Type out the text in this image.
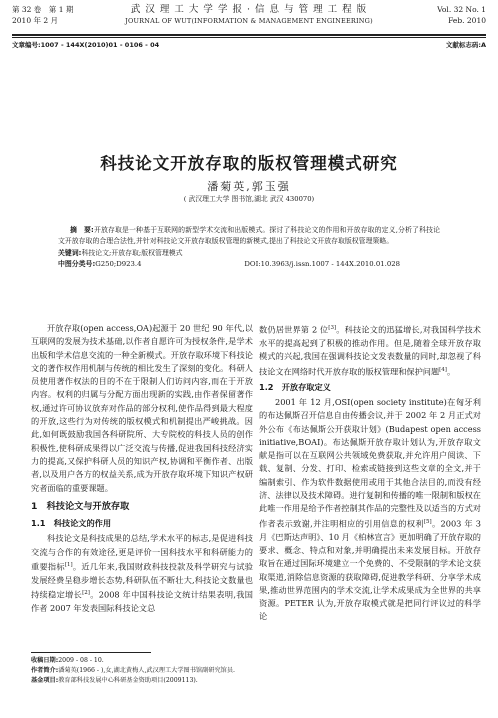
第 32 卷　第 1 期
2010 年 2 月
武 汉 理 工 大 学 学 报 · 信 息 与 管 理 工 程 版
JOURNAL OF WUT(INFORMATION & MANAGEMENT ENGINEERING)
Vol. 32 No. 1
Feb. 2010
文章编号:1007 - 144X(2010)01 - 0106 - 04	文献标志码:A
科技论文开放存取的版权管理模式研究
潘菊英,郭玉强
( 武汉理工大学 图书馆,湖北 武汉 430070)
摘　要:开放存取是一种基于互联网的新型学术交流和出版模式。探讨了科技论文的作用和开放存取的定义,分析了科技论文开放存取的合理合法性,并针对科技论文开放存取版权管理的新模式,提出了科技论文开放存取版权管理策略。
关键词:科技论文;开放存取;版权管理模式
中图分类号:G250;D923.4	DOI:10.3963/j.issn.1007 - 144X.2010.01.028

开放存取(open access,OA)起源于 20 世纪 90 年代,以互联网的发展为技术基础,以作者自愿许可为授权条件,是学术出版和学术信息交流的一种全新模式。开放存取环境下科技论文的著作权作用机制与传统的相比发生了深刻的变化。科研人员使用著作权法的目的不在于限制人们访问内容,而在于开放内容。权利的归属与分配方面出现新的实践,由作者保留著作权,通过许可协议放弃对作品的部分权利,使作品得到最大程度的开放,这些行为对传统的版权模式和机制提出严峻挑战。因此,如何既鼓励我国各科研院所、大专院校的科技人员的创作积极性,使科研成果得以广泛交流与传播,促进我国科技经济实力的提高,又保护科研人员的知识产权,协调和平衡作者、出版者,以及用户各方的权益关系,成为开放存取环境下知识产权研究者面临的重要课题。

1　科技论文与开放存取
1.1　科技论文的作用

科技论文是科技成果的总结,学术水平的标志,是促进科技交流与合作的有效途径,更是评价一国科技水平和科研能力的重要指标[1]。近几年来,我国财政科技投款及科学研究与试验发展经费呈稳步增长态势,科研队伍不断壮大,科技论文数量也持续稳定增长[2]。2008 年中国科技论文统计结果表明,我国作者 2007 年发表国际科技论文总

数仍居世界第 2 位[3]。科技论文的迅猛增长,对我国科学技术水平的提高起到了积极的推动作用。但是,随着全球开放存取模式的兴起,我国在强调科技论文发表数量的同时,却忽视了科技论文在网络时代开放存取的版权管理和保护问题[4]。

1.2　开放存取定义

2001 年 12 月,OSI(open society institute)在匈牙利的布达佩斯召开信息自由传播会议,并于 2002 年 2 月正式对外公布《布达佩斯公开获取计划》(Budapest open access initiative,BOAI)。布达佩斯开放存取计划认为,开放存取文献是指可以在互联网公共领域免费获取,并允许用户阅读、下载、复制、分发、打印、检索或链接到这些文章的全文,并于编制索引、作为软件数据使用或用于其他合法目的,而没有经济、法律以及技术障碍。进行复制和传播的唯一限制和版权在此唯一作用是给予作者控制其作品的完整性及以适当的方式对作者表示致谢,并注明相应的引用信息的权利[5]。2003 年 3 月《巴斯达声明》、10 月《柏林宣言》更加明确了开放存取的要求、概念、特点和对象,并明确提出未来发展目标。开放存取旨在通过国际环境建立一个免费的、不受限制的学术论文获取渠道,消除信息资源的获取障碍,促进教学科研、分享学术成果,推动世界范围内的学术交流,让学术成果成为全世界的共享资源。PETER 认为,开放存取模式就是把同行评议过的科学论

收稿日期:2009 - 08 - 10.
作者简介:潘菊英(1966 - ),女,湖北黄梅人,武汉理工大学图书馆副研究馆员.
基金项目:教育部科技发展中心科研基金资助项目(2009113).
